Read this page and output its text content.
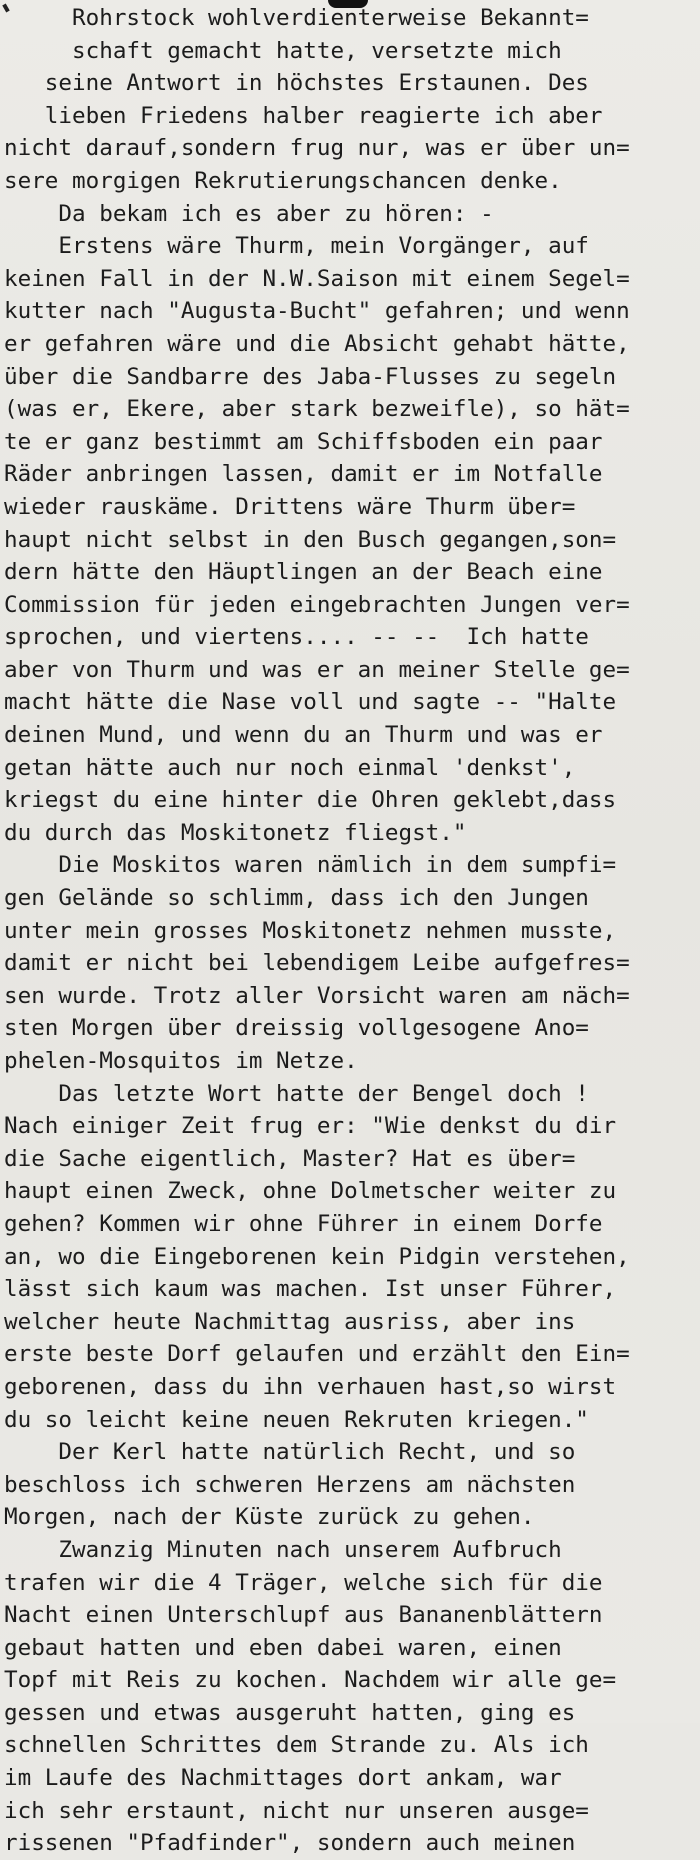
Rohrstock wohlverdienterweise Bekannt=
schaft gemacht hatte, versetzte mich
seine Antwort in höchstes Erstaunen. Des
lieben Friedens halber reagierte ich aber
nicht darauf,sondern frug nur, was er über un=
sere morgigen Rekrutierungschancen denke.
Da bekam ich es aber zu hören: -
Erstens wäre Thurm, mein Vorgänger, auf
keinen Fall in der N.W.Saison mit einem Segel=
kutter nach "Augusta-Bucht" gefahren; und wenn
er gefahren wäre und die Absicht gehabt hätte,
über die Sandbarre des Jaba-Flusses zu segeln
(was er, Ekere, aber stark bezweifle), so hät=
te er ganz bestimmt am Schiffsboden ein paar
Räder anbringen lassen, damit er im Notfalle
wieder rauskäme. Drittens wäre Thurm über=
haupt nicht selbst in den Busch gegangen,son=
dern hätte den Häuptlingen an der Beach eine
Commission für jeden eingebrachten Jungen ver=
sprochen, und viertens.... -- --  Ich hatte
aber von Thurm und was er an meiner Stelle ge=
macht hätte die Nase voll und sagte -- "Halte
deinen Mund, und wenn du an Thurm und was er
getan hätte auch nur noch einmal 'denkst',
kriegst du eine hinter die Ohren geklebt,dass
du durch das Moskitonetz fliegst."
Die Moskitos waren nämlich in dem sumpfi=
gen Gelände so schlimm, dass ich den Jungen
unter mein grosses Moskitonetz nehmen musste,
damit er nicht bei lebendigem Leibe aufgefres=
sen wurde. Trotz aller Vorsicht waren am näch=
sten Morgen über dreissig vollgesogene Ano=
phelen-Mosquitos im Netze.
Das letzte Wort hatte der Bengel doch !
Nach einiger Zeit frug er: "Wie denkst du dir
die Sache eigentlich, Master? Hat es über=
haupt einen Zweck, ohne Dolmetscher weiter zu
gehen? Kommen wir ohne Führer in einem Dorfe
an, wo die Eingeborenen kein Pidgin verstehen,
lässt sich kaum was machen. Ist unser Führer,
welcher heute Nachmittag ausriss, aber ins
erste beste Dorf gelaufen und erzählt den Ein=
geborenen, dass du ihn verhauen hast,so wirst
du so leicht keine neuen Rekruten kriegen."
Der Kerl hatte natürlich Recht, und so
beschloss ich schweren Herzens am nächsten
Morgen, nach der Küste zurück zu gehen.
Zwanzig Minuten nach unserem Aufbruch
trafen wir die 4 Träger, welche sich für die
Nacht einen Unterschlupf aus Bananenblättern
gebaut hatten und eben dabei waren, einen
Topf mit Reis zu kochen. Nachdem wir alle ge=
gessen und etwas ausgeruht hatten, ging es
schnellen Schrittes dem Strande zu. Als ich
im Laufe des Nachmittages dort ankam, war
ich sehr erstaunt, nicht nur unseren ausge=
rissenen "Pfadfinder", sondern auch meinen
